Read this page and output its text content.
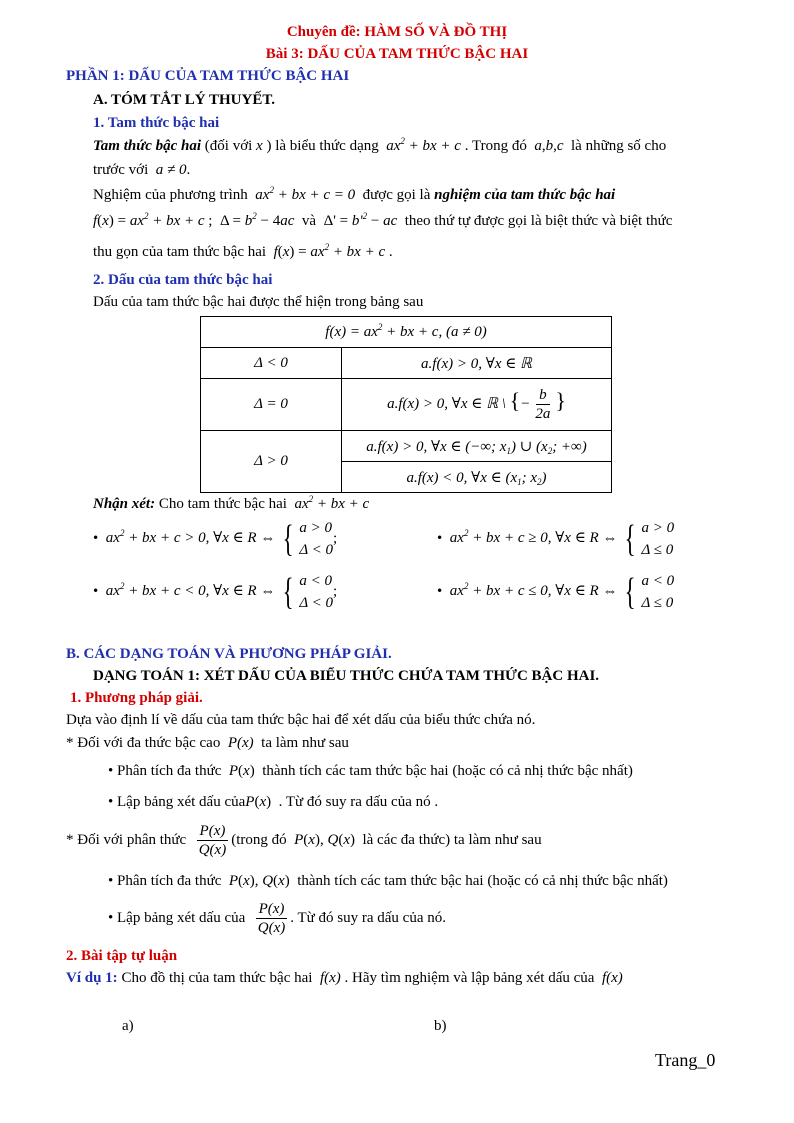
Chuyên đề: HÀM SỐ VÀ ĐỒ THỊ
Bài 3: DẤU CỦA TAM THỨC BẬC HAI
PHẦN 1: DẤU CỦA TAM THỨC BẬC HAI
A. TÓM TẮT LÝ THUYẾT.
1. Tam thức bậc hai
Tam thức bậc hai (đối với x ) là biểu thức dạng $ax^2$ + bx + c . Trong đó a,b,c là những số cho
trước với a ≠ 0.
Nghiệm của phương trình $ax^2$ + bx + c = 0 được gọi là nghiệm của tam thức bậc hai
$f(x) = ax^2$ + bx + c ;  $\Delta = b^2 - 4ac$ và  $\Delta' = b'^2$ − ac theo thứ tự được gọi là biệt thức và biệt thức
thu gọn của tam thức bậc hai $f(x) = ax^2$ + bx + c .
2. Dấu của tam thức bậc hai
Dấu của tam thức bậc hai được thể hiện trong bảng sau
$f(x) = ax^2$ + bx + c, (a ≠ 0)	
Δ < 0	a.f(x) > 0, ∀x ∈ ℝ
Δ = 0	a.f(x) > 0, ∀x ∈ ℝ \ {− $\frac{b}{2a}$ }
Δ > 0	a.f(x) > 0, ∀x ∈ (−∞; $x_1$) ∪ ($x_2$; +∞)
	a.f(x) < 0, ∀x ∈ ($x_1$; $x_2$)
Nhận xét: Cho tam thức bậc hai $ax^2$ + bx + c
• $ax^2$ + bx + c > 0, ∀x ∈ R ⇔ { a > 0
Δ < 0
;	• $ax^2$ + bx + c ≥ 0, ∀x ∈ R ⇔ { a > 0
Δ ≤ 0
• $ax^2$ + bx + c < 0, ∀x ∈ R ⇔ { a < 0
Δ < 0
;	• $ax^2$ + bx + c ≤ 0, ∀x ∈ R ⇔ { a < 0
Δ ≤ 0
B. CÁC DẠNG TOÁN VÀ PHƯƠNG PHÁP GIẢI.
DẠNG TOÁN 1: XÉT DẤU CỦA BIỂU THỨC CHỨA TAM THỨC BẬC HAI.
1. Phương pháp giải.
Dựa vào định lí về dấu của tam thức bậc hai để xét dấu của biểu thức chứa nó.
* Đối với đa thức bậc cao P(x) ta làm như sau
• Phân tích đa thức P(x)  thành tích các tam thức bậc hai (hoặc có cả nhị thức bậc nhất)
• Lập bảng xét dấu củaP(x)  . Từ đó suy ra dấu của nó .
* Đối với phân thức $\frac{P(x)}{Q(x)}$ (trong đó P(x), Q(x)  là các đa thức) ta làm như sau
• Phân tích đa thức P(x), Q(x)  thành tích các tam thức bậc hai (hoặc có cả nhị thức bậc nhất)
• Lập bảng xét dấu của $\frac{P(x)}{Q(x)}$ . Từ đó suy ra dấu của nó.
2. Bài tập tự luận
Ví dụ 1: Cho đồ thị của tam thức bậc hai f(x) . Hãy tìm nghiệm và lập bảng xét dấu của f(x)
a)	b)
Trang_0
